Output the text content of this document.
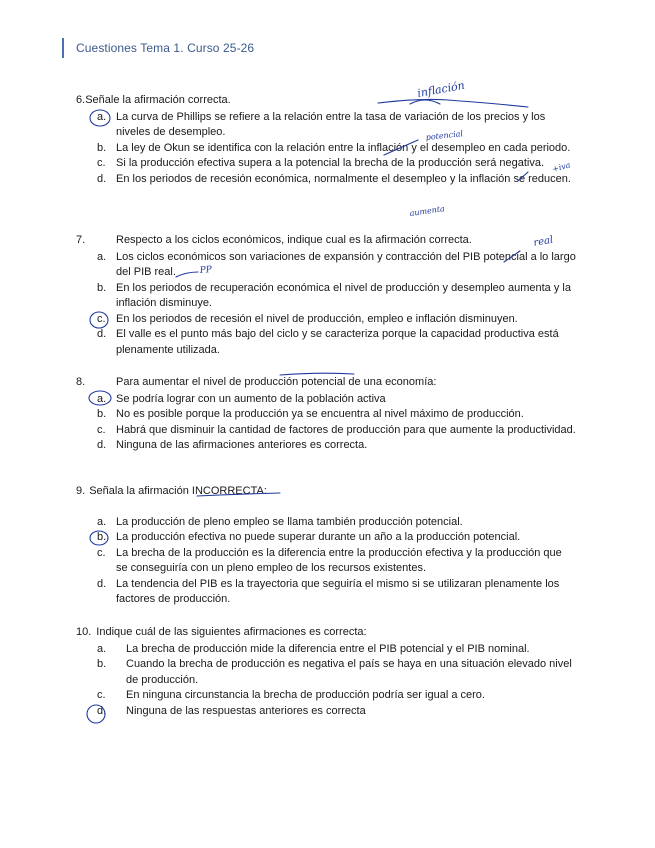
Cuestiones Tema 1. Curso 25-26
6.Señale la afirmación correcta.
a. La curva de Phillips se refiere a la relación entre la tasa de variación de los precios y los niveles de desempleo.
b. La ley de Okun se identifica con la relación entre la inflación y el desempleo en cada periodo.
c. Si la producción efectiva supera a la potencial la brecha de la producción será negativa.
d. En los periodos de recesión económica, normalmente el desempleo y la inflación se reducen.
7.	Respecto a los ciclos económicos, indique cual es la afirmación correcta.
a. Los ciclos económicos son variaciones de expansión y contracción del PIB potencial a lo largo del PIB real.
b. En los periodos de recuperación económica el nivel de producción y desempleo aumenta y la inflación disminuye.
c. En los periodos de recesión el nivel de producción, empleo e inflación disminuyen.
d. El valle es el punto más bajo del ciclo y se caracteriza porque la capacidad productiva está plenamente utilizada.
8.	Para aumentar el nivel de producción potencial de una economía:
a. Se podría lograr con un aumento de la población activa
b. No es posible porque la producción ya se encuentra al nivel máximo de producción.
c. Habrá que disminuir la cantidad de factores de producción para que aumente la productividad.
d. Ninguna de las afirmaciones anteriores es correcta.
9. Señala la afirmación INCORRECTA:
a. La producción de pleno empleo se llama también producción potencial.
b. La producción efectiva no puede superar durante un año a la producción potencial.
c. La brecha de la producción es la diferencia entre la producción efectiva y la producción que se conseguiría con un pleno empleo de los recursos existentes.
d. La tendencia del PIB es la trayectoria que seguiría el mismo si se utilizaran plenamente los factores de producción.
10. Indique cuál de las siguientes afirmaciones es correcta:
a. La brecha de producción mide la diferencia entre el PIB potencial y el PIB nominal.
b. Cuando la brecha de producción es negativa el país se haya en una situación elevado nivel de producción.
c. En ninguna circunstancia la brecha de producción podría ser igual a cero.
d. Ninguna de las respuestas anteriores es correcta
inflación
potencial
+iva
aumenta
real
PP
